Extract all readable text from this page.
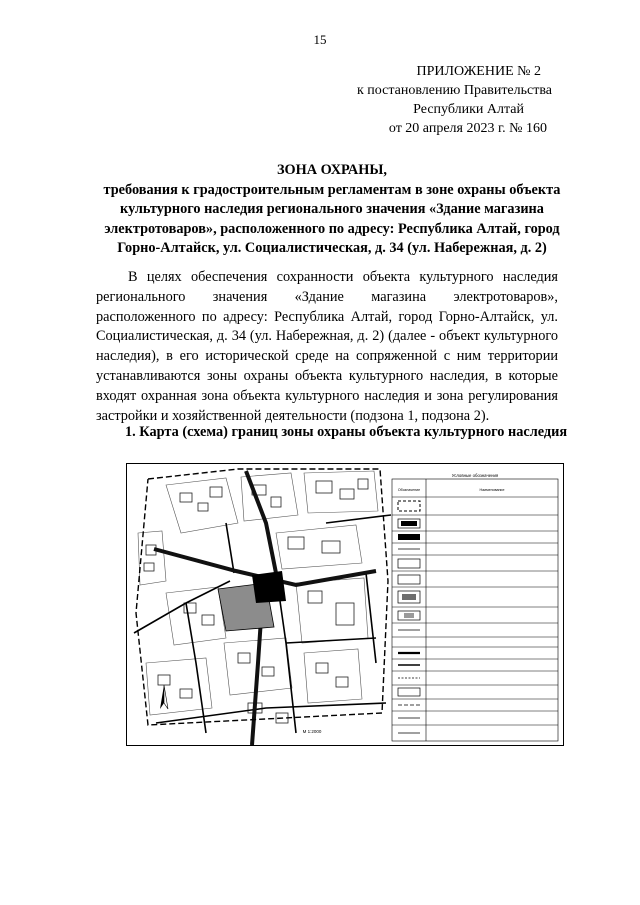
15
ПРИЛОЖЕНИЕ № 2
к постановлению Правительства
Республики Алтай
от 20 апреля 2023 г. № 160
ЗОНА ОХРАНЫ,
требования к градостроительным регламентам в зоне охраны объекта
культурного наследия регионального значения «Здание магазина
электротоваров», расположенного по адресу: Республика Алтай, город
Горно-Алтайск, ул. Социалистическая, д. 34 (ул. Набережная, д. 2)
В целях обеспечения сохранности объекта культурного наследия регионального значения «Здание магазина электротоваров», расположенного по адресу: Республика Алтай, город Горно-Алтайск, ул. Социалистическая, д. 34 (ул. Набережная, д. 2) (далее - объект культурного наследия), в его исторической среде на сопряженной с ним территории устанавливаются зоны охраны объекта культурного наследия, в которые входят охранная зона объекта культурного наследия и зона регулирования застройки и хозяйственной деятельности (подзона 1, подзона 2).
1. Карта (схема) границ зоны охраны объекта культурного наследия
М 1:2000
Условные обозначения
Обозначение	Наименование
